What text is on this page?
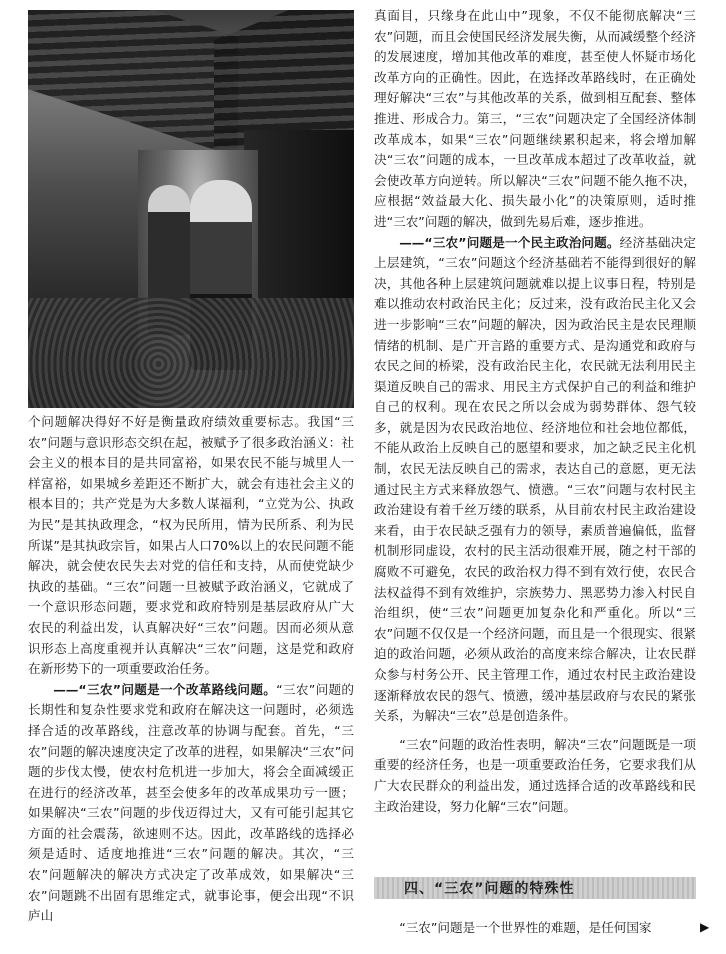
个问题解决得好不好是衡量政府绩效重要标志。我国“三农”问题与意识形态交织在起，被赋予了很多政治涵义：社会主义的根本目的是共同富裕，如果农民不能与城里人一样富裕，如果城乡差距还不断扩大，就会有违社会主义的根本目的；共产党是为大多数人谋福利，“立党为公、执政为民”是其执政理念，“权为民所用，情为民所系、利为民所谋”是其执政宗旨，如果占人口70%以上的农民问题不能解决，就会使农民失去对党的信任和支持，从而使党缺少执政的基础。“三农”问题一旦被赋予政治涵义，它就成了一个意识形态问题，要求党和政府特别是基层政府从广大农民的利益出发，认真解决好“三农”问题。因而必须从意识形态上高度重视并认真解决“三农”问题，这是党和政府在新形势下的一项重要政治任务。

——“三农”问题是一个改革路线问题。“三农”问题的长期性和复杂性要求党和政府在解决这一问题时，必须选择合适的改革路线，注意改革的协调与配套。首先，“三农”问题的解决速度决定了改革的进程，如果解决“三农”问题的步伐太慢，使农村危机进一步加大，将会全面减缓正在进行的经济改革，甚至会使多年的改革成果功亏一匮；如果解决“三农”问题的步伐迈得过大，又有可能引起其它方面的社会震荡，欲速则不达。因此，改革路线的选择必须是适时、适度地推进“三农”问题的解决。其次，“三农”问题解决的解决方式决定了改革成效，如果解决“三农”问题跳不出固有思维定式，就事论事，便会出现“不识庐山

真面目，只缘身在此山中”现象，不仅不能彻底解决“三农”问题，而且会使国民经济发展失衡，从而减缓整个经济的发展速度，增加其他改革的难度，甚至使人怀疑市场化改革方向的正确性。因此，在选择改革路线时，在正确处理好解决“三农”与其他改革的关系，做到相互配套、整体推进、形成合力。第三，“三农”问题决定了全国经济体制改革成本，如果“三农”问题继续累积起来，将会增加解决“三农”问题的成本，一旦改革成本超过了改革收益，就会使改革方向逆转。所以解决“三农”问题不能久拖不决，应根据“效益最大化、损失最小化”的决策原则，适时推进“三农”问题的解决，做到先易后难，逐步推进。

——“三农”问题是一个民主政治问题。经济基础决定上层建筑，“三农”问题这个经济基础若不能得到很好的解决，其他各种上层建筑问题就难以提上议事日程，特别是难以推动农村政治民主化；反过来，没有政治民主化又会进一步影响“三农”问题的解决，因为政治民主是农民理顺情绪的机制、是广开言路的重要方式、是沟通党和政府与农民之间的桥梁，没有政治民主化，农民就无法利用民主渠道反映自己的需求、用民主方式保护自己的利益和维护自己的权利。现在农民之所以会成为弱势群体、怨气较多，就是因为农民政治地位、经济地位和社会地位都低，不能从政治上反映自己的愿望和要求，加之缺乏民主化机制，农民无法反映自己的需求，表达自己的意愿，更无法通过民主方式来释放怨气、愤懑。“三农”问题与农村民主政治建设有着千丝万缕的联系，从目前农村民主政治建设来看，由于农民缺乏强有力的领导，素质普遍偏低，监督机制形同虚设，农村的民主活动很难开展，随之村干部的腐败不可避免，农民的政治权力得不到有效行使，农民合法权益得不到有效维护，宗族势力、黑恶势力渗入村民自治组织，使“三农”问题更加复杂化和严重化。所以“三农”问题不仅仅是一个经济问题，而且是一个很现实、很紧迫的政治问题，必须从政治的高度来综合解决，让农民群众参与村务公开、民主管理工作，通过农村民主政治建设逐渐释放农民的怨气、愤懑，缓冲基层政府与农民的紧张关系，为解决“三农”总是创造条件。

“三农”问题的政治性表明，解决“三农”问题既是一项重要的经济任务，也是一项重要政治任务，它要求我们从广大农民群众的利益出发，通过选择合适的改革路线和民主政治建设，努力化解“三农”问题。

四、“三农”问题的特殊性
“三农”问题是一个世界性的难题，是任何国家	▶
